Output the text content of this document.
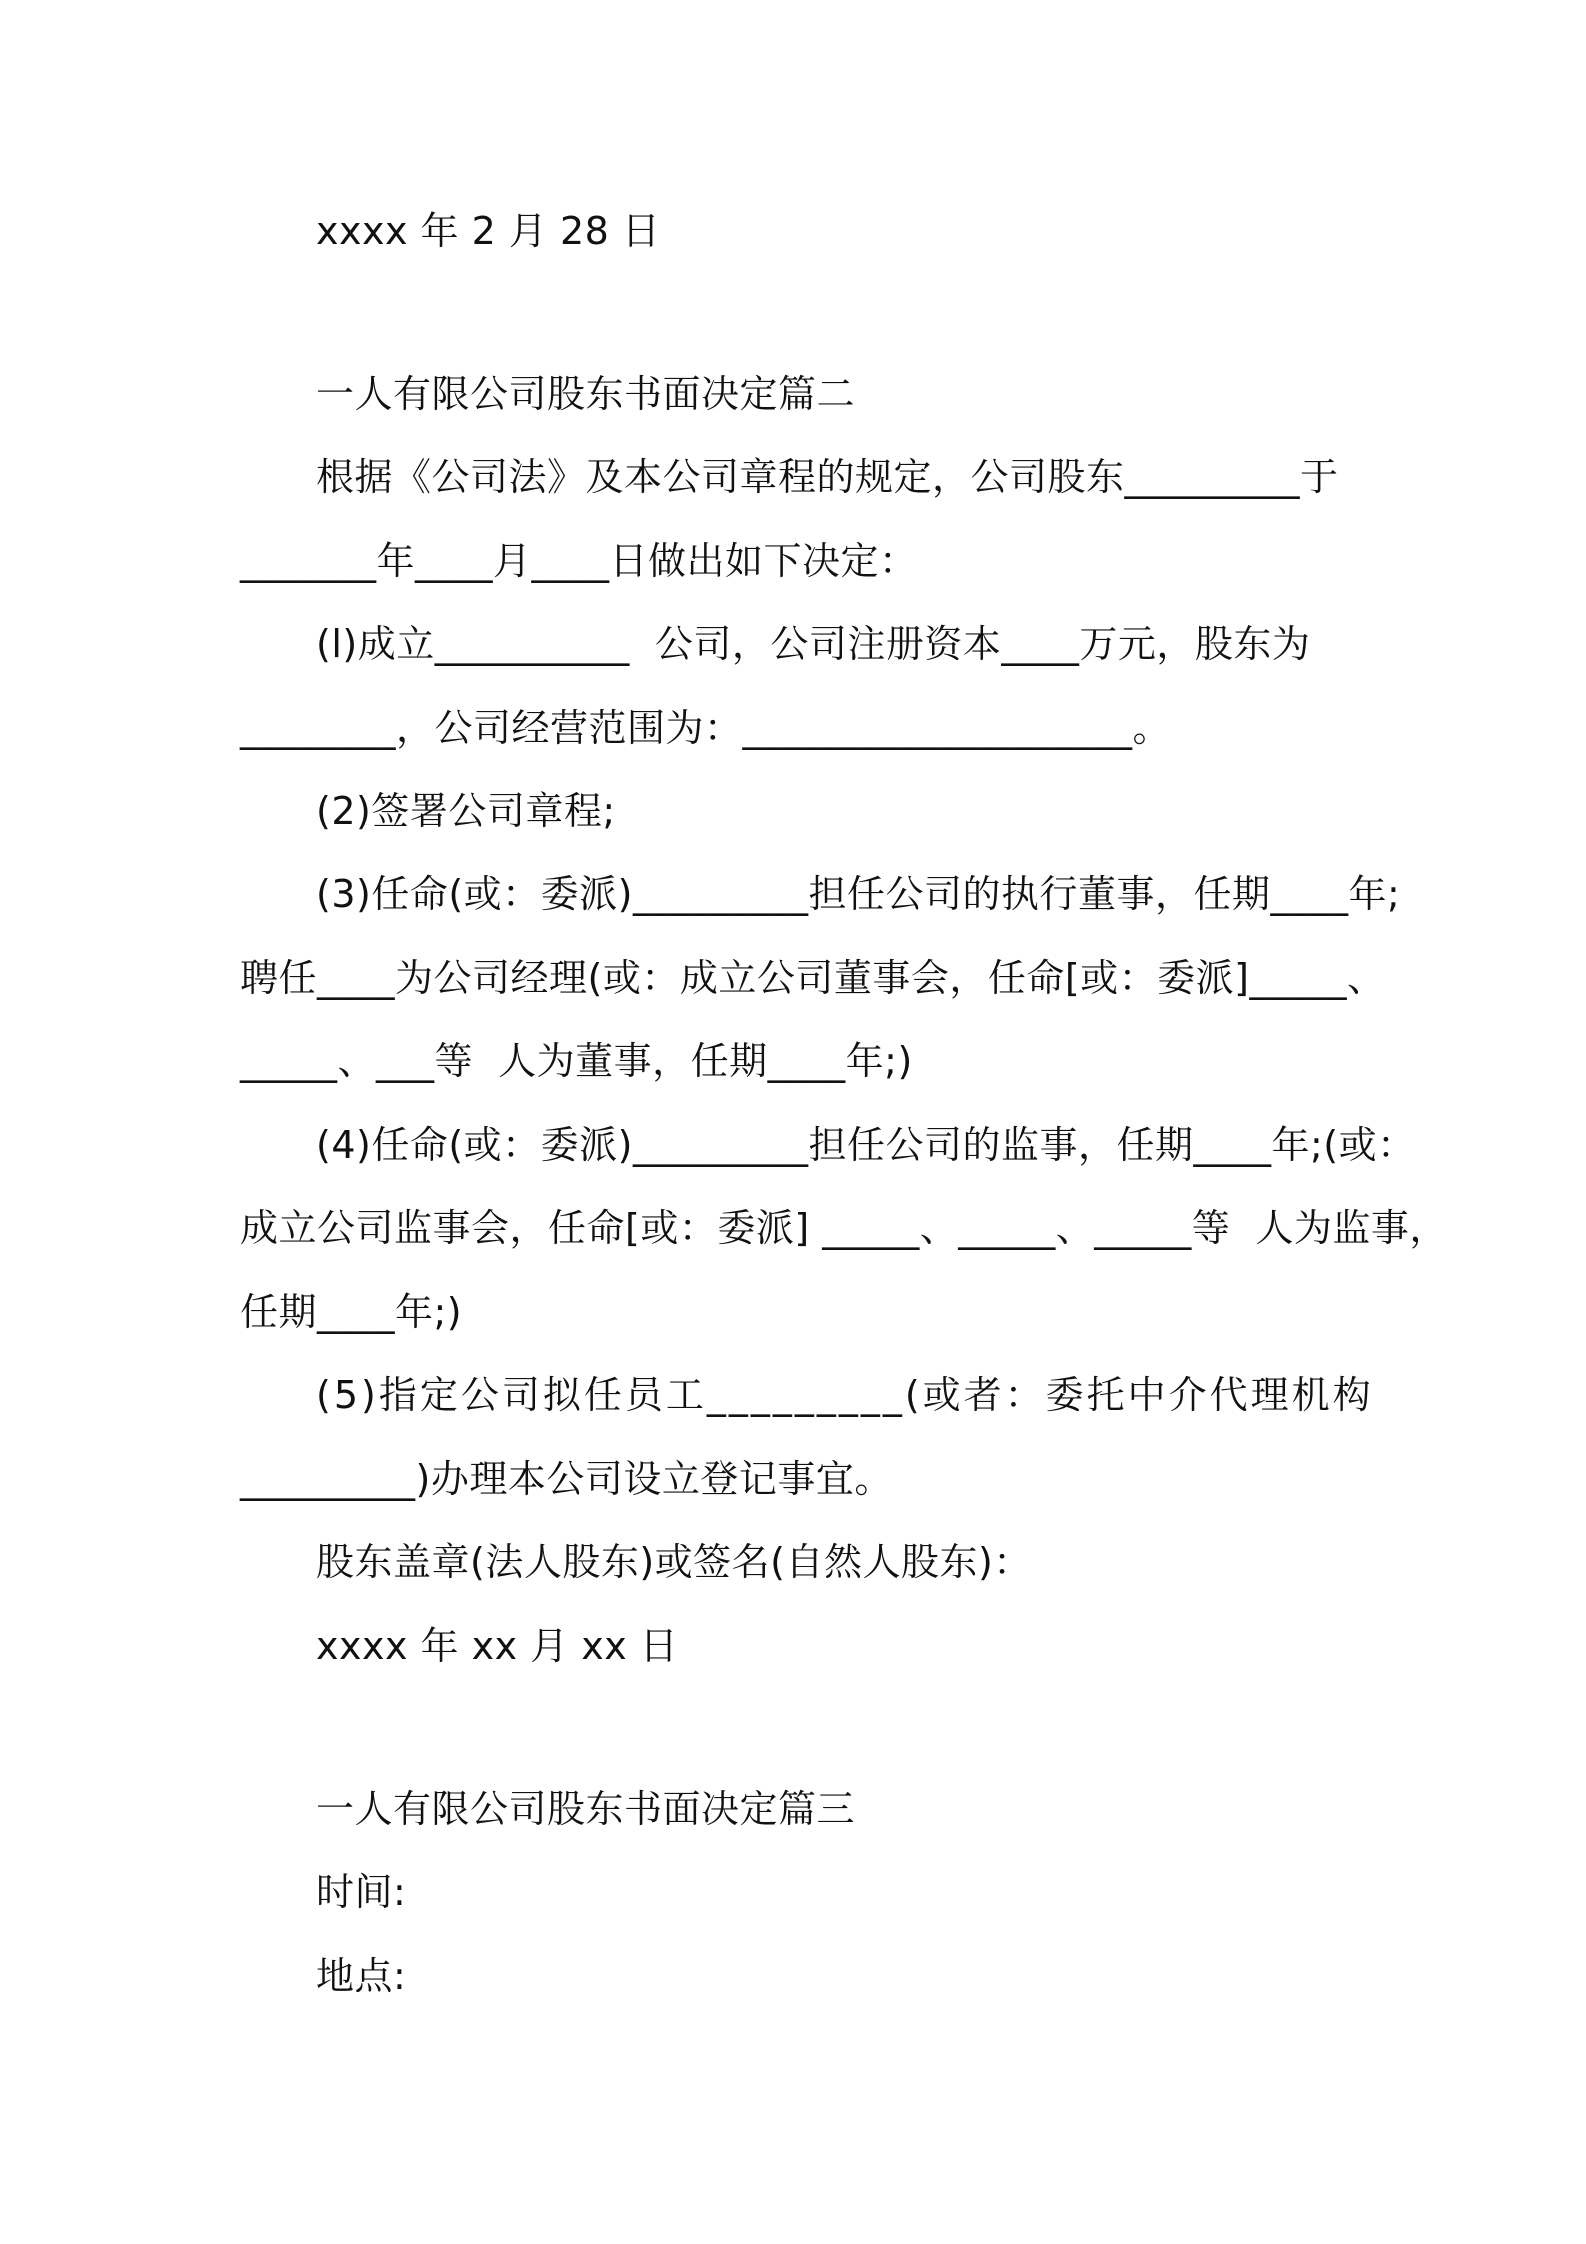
xxxx 年 2 月 28 日
一人有限公司股东书面决定篇二
根据《公司法》及本公司章程的规定，公司股东_________于
_______年____月____日做出如下决定：
(l)成立__________  公司，公司注册资本____万元，股东为
________，公司经营范围为：____________________。
(2)签署公司章程;
(3)任命(或：委派)_________担任公司的执行董事，任期____年;
聘任____为公司经理(或：成立公司董事会，任命[或：委派]_____、
_____、___等  人为董事，任期____年;)
(4)任命(或：委派)_________担任公司的监事，任期____年;(或：
成立公司监事会，任命[或：委派] _____、_____、_____等  人为监事，
任期____年;)
(5)指定公司拟任员工_________(或者：委托中介代理机构
_________)办理本公司设立登记事宜。
股东盖章(法人股东)或签名(自然人股东)：
xxxx 年 xx 月 xx 日
一人有限公司股东书面决定篇三
时间:
地点:
